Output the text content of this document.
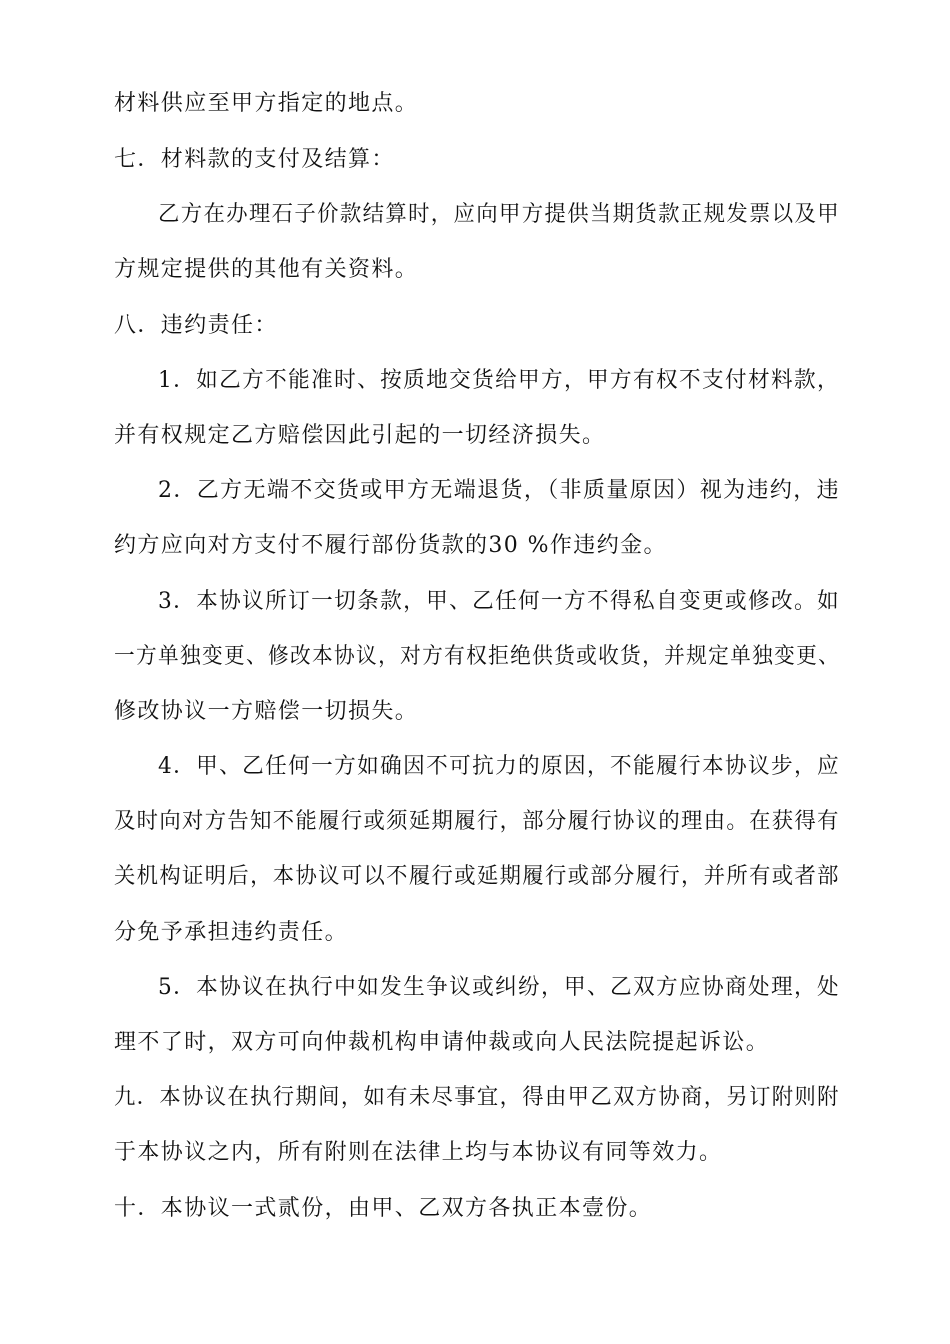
材料供应至甲方指定的地点。

七．材料款的支付及结算：

乙方在办理石子价款结算时，应向甲方提供当期货款正规发票以及甲

方规定提供的其他有关资料。

八．违约责任：

1．如乙方不能准时、按质地交货给甲方，甲方有权不支付材料款，

并有权规定乙方赔偿因此引起的一切经济损失。

2．乙方无端不交货或甲方无端退货，（非质量原因）视为违约，违

约方应向对方支付不履行部份货款的30 %作违约金。

3．本协议所订一切条款，甲、乙任何一方不得私自变更或修改。如

一方单独变更、修改本协议，对方有权拒绝供货或收货，并规定单独变更、

修改协议一方赔偿一切损失。

4．甲、乙任何一方如确因不可抗力的原因，不能履行本协议步，应

及时向对方告知不能履行或须延期履行，部分履行协议的理由。在获得有

关机构证明后，本协议可以不履行或延期履行或部分履行，并所有或者部

分免予承担违约责任。

5．本协议在执行中如发生争议或纠纷，甲、乙双方应协商处理，处

理不了时，双方可向仲裁机构申请仲裁或向人民法院提起诉讼。

九．本协议在执行期间，如有未尽事宜，得由甲乙双方协商，另订附则附

于本协议之内，所有附则在法律上均与本协议有同等效力。

十．本协议一式贰份，由甲、乙双方各执正本壹份。
